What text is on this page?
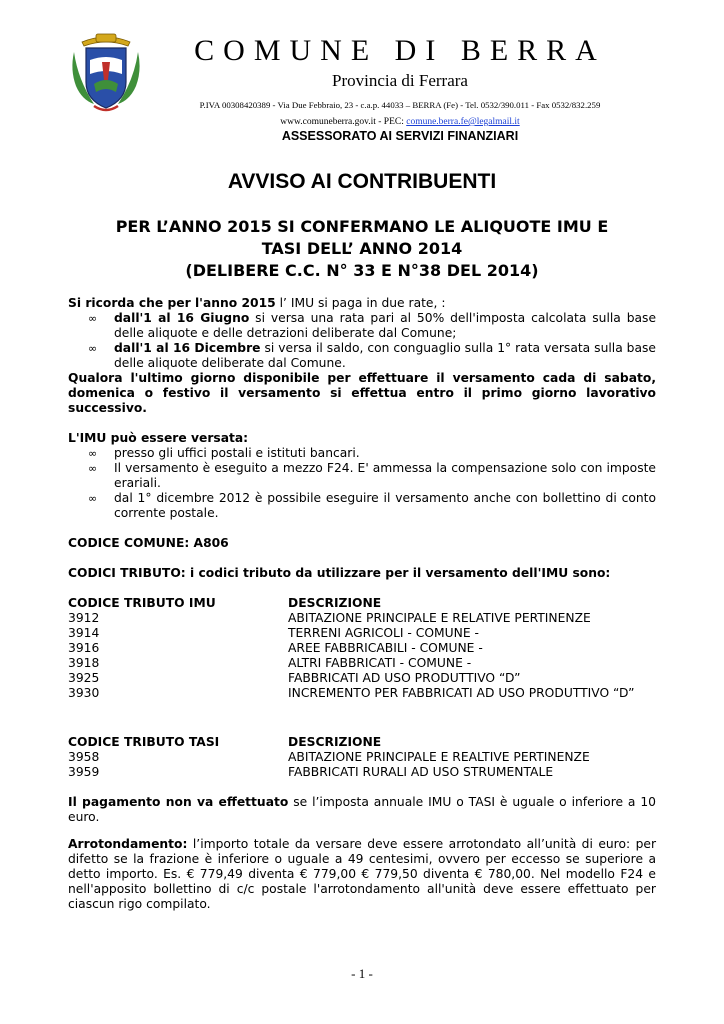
COMUNE DI BERRA
Provincia di Ferrara
P.IVA 00308420389 - Via Due Febbraio, 23 - c.a.p. 44033 – BERRA (Fe) - Tel. 0532/390.011 - Fax 0532/832.259
www.comuneberra.gov.it - PEC: comune.berra.fe@legalmail.it
ASSESSORATO AI SERVIZI FINANZIARI
AVVISO AI CONTRIBUENTI
PER L’ANNO 2015 SI CONFERMANO LE ALIQUOTE IMU E
TASI DELL’ ANNO 2014
(DELIBERE C.C. N° 33 E N°38 DEL 2014)

Si ricorda che per l'anno 2015 l’ IMU si paga in due rate, :

∞ dall'1 al 16 Giugno si versa una rata pari al 50% dell'imposta calcolata sulla base delle aliquote e delle detrazioni deliberate dal Comune;
∞ dall'1 al 16 Dicembre si versa il saldo, con conguaglio sulla 1° rata versata sulla base delle aliquote deliberate dal Comune.

Qualora l'ultimo giorno disponibile per effettuare il versamento cada di sabato, domenica o festivo il versamento si effettua entro il primo giorno lavorativo successivo.

L'IMU può essere versata:

∞ presso gli uffici postali e istituti bancari.
∞ Il versamento è eseguito a mezzo F24. E' ammessa la compensazione solo con imposte erariali.
∞ dal 1° dicembre 2012 è possibile eseguire il versamento anche con bollettino di conto corrente postale.

CODICE COMUNE: A806

CODICI TRIBUTO: i codici tributo da utilizzare per il versamento dell'IMU sono:

CODICE TRIBUTO IMU	DESCRIZIONE
3912	ABITAZIONE PRINCIPALE E RELATIVE PERTINENZE
3914	TERRENI AGRICOLI - COMUNE -
3916	AREE FABBRICABILI - COMUNE -
3918	ALTRI FABBRICATI - COMUNE -
3925	FABBRICATI AD USO PRODUTTIVO “D”
3930	INCREMENTO PER FABBRICATI AD USO PRODUTTIVO “D”
CODICE TRIBUTO TASI	DESCRIZIONE
3958	ABITAZIONE PRINCIPALE E REALTIVE PERTINENZE
3959	FABBRICATI RURALI AD USO STRUMENTALE

Il pagamento non va effettuato se l’imposta annuale IMU o TASI è uguale o inferiore a 10 euro.

Arrotondamento: l’importo totale da versare deve essere arrotondato all’unità di euro: per difetto se la frazione è inferiore o uguale a 49 centesimi, ovvero per eccesso se superiore a detto importo. Es. € 779,49 diventa € 779,00 € 779,50 diventa € 780,00. Nel modello F24 e nell'apposito bollettino di c/c postale l'arrotondamento all'unità deve essere effettuato per ciascun rigo compilato.

- 1 -
